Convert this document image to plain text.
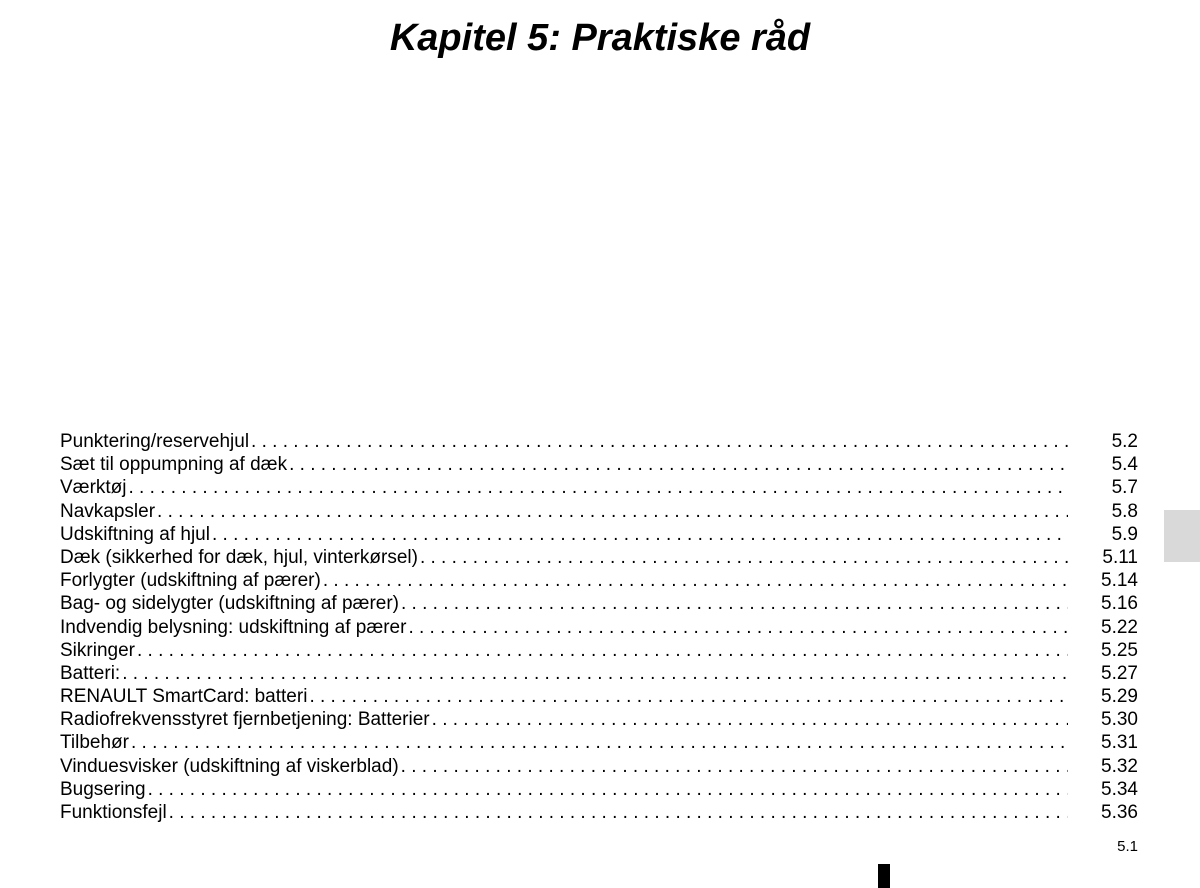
Kapitel 5: Praktiske råd
Punktering/reservehjul . . .	5.2
Sæt til oppumpning af dæk . . .	5.4
Værktøj . . .	5.7
Navkapsler . . .	5.8
Udskiftning af hjul . . .	5.9
Dæk (sikkerhed for dæk, hjul, vinterkørsel) . . .	5.11
Forlygter (udskiftning af pærer) . . .	5.14
Bag- og sidelygter (udskiftning af pærer) . . .	5.16
Indvendig belysning: udskiftning af pærer . . .	5.22
Sikringer . . .	5.25
Batteri: . . .	5.27
RENAULT SmartCard: batteri . . .	5.29
Radiofrekvensstyret fjernbetjening: Batterier . . .	5.30
Tilbehør . . .	5.31
Vinduesvisker (udskiftning af viskerblad) . . .	5.32
Bugsering . . .	5.34
Funktionsfejl . . .	5.36
5.1
